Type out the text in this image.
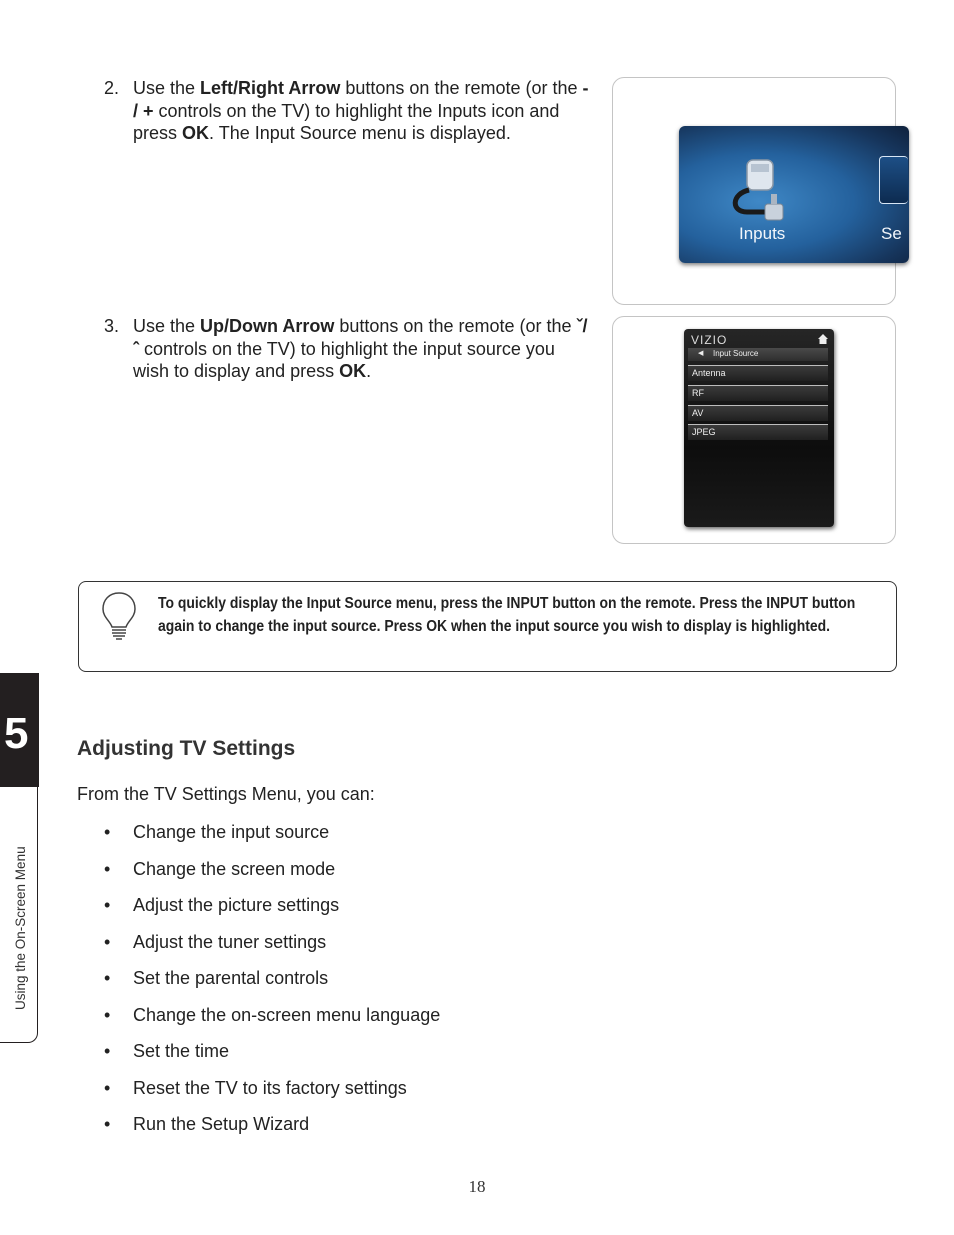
2. Use the Left/Right Arrow buttons on the remote (or the - / + controls on the TV) to highlight the Inputs icon and press OK. The Input Source menu is displayed.
Inputs	Se
3. Use the Up/Down Arrow buttons on the remote (or the ˇ/ ˆ controls on the TV) to highlight the input source you wish to display and press OK.
VIZIO
◀ Input Source
Antenna
RF
AV
JPEG
To quickly display the Input Source menu, press the INPUT button on the remote. Press the INPUT button again to change the input source. Press OK when the input source you wish to display is highlighted.
5
Using the On-Screen Menu
Adjusting TV Settings
From the TV Settings Menu, you can:
• Change the input source
• Change the screen mode
• Adjust the picture settings
• Adjust the tuner settings
• Set the parental controls
• Change the on-screen menu language
• Set the time
• Reset the TV to its factory settings
• Run the Setup Wizard
18
